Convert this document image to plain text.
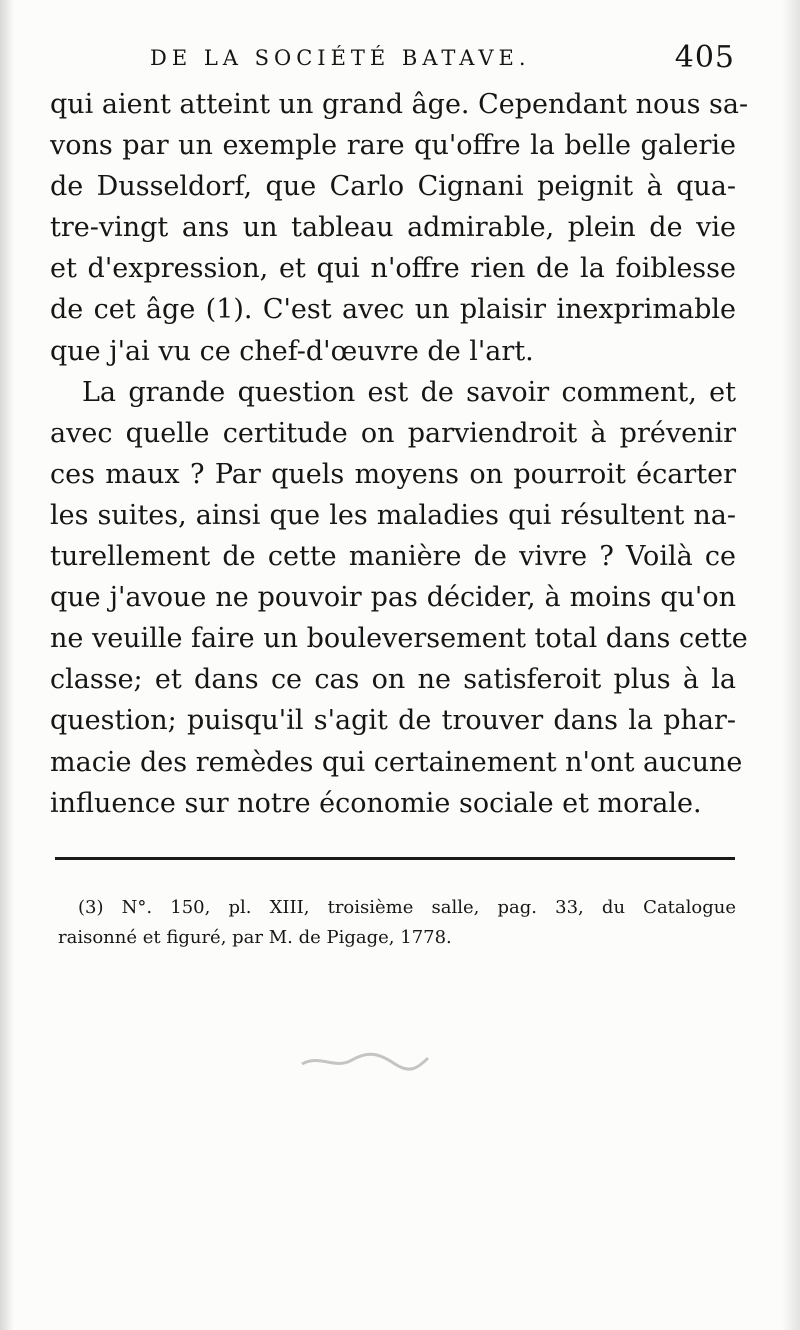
DE LA SOCIÉTÉ BATAVE.	405
qui aient atteint un grand âge. Cependant nous sa-
vons par un exemple rare qu'offre la belle galerie
de Dusseldorf, que Carlo Cignani peignit à qua-
tre-vingt ans un tableau admirable, plein de vie
et d'expression, et qui n'offre rien de la foiblesse
de cet âge (1). C'est avec un plaisir inexprimable
que j'ai vu ce chef-d'œuvre de l'art.
La grande question est de savoir comment, et
avec quelle certitude on parviendroit à prévenir
ces maux ? Par quels moyens on pourroit écarter
les suites, ainsi que les maladies qui résultent na-
turellement de cette manière de vivre ? Voilà ce
que j'avoue ne pouvoir pas décider, à moins qu'on
ne veuille faire un bouleversement total dans cette
classe; et dans ce cas on ne satisferoit plus à la
question; puisqu'il s'agit de trouver dans la phar-
macie des remèdes qui certainement n'ont aucune
influence sur notre économie sociale et morale.
(3) N°. 150, pl. XIII, troisième salle, pag. 33, du Catalogue
raisonné et figuré, par M. de Pigage, 1778.
